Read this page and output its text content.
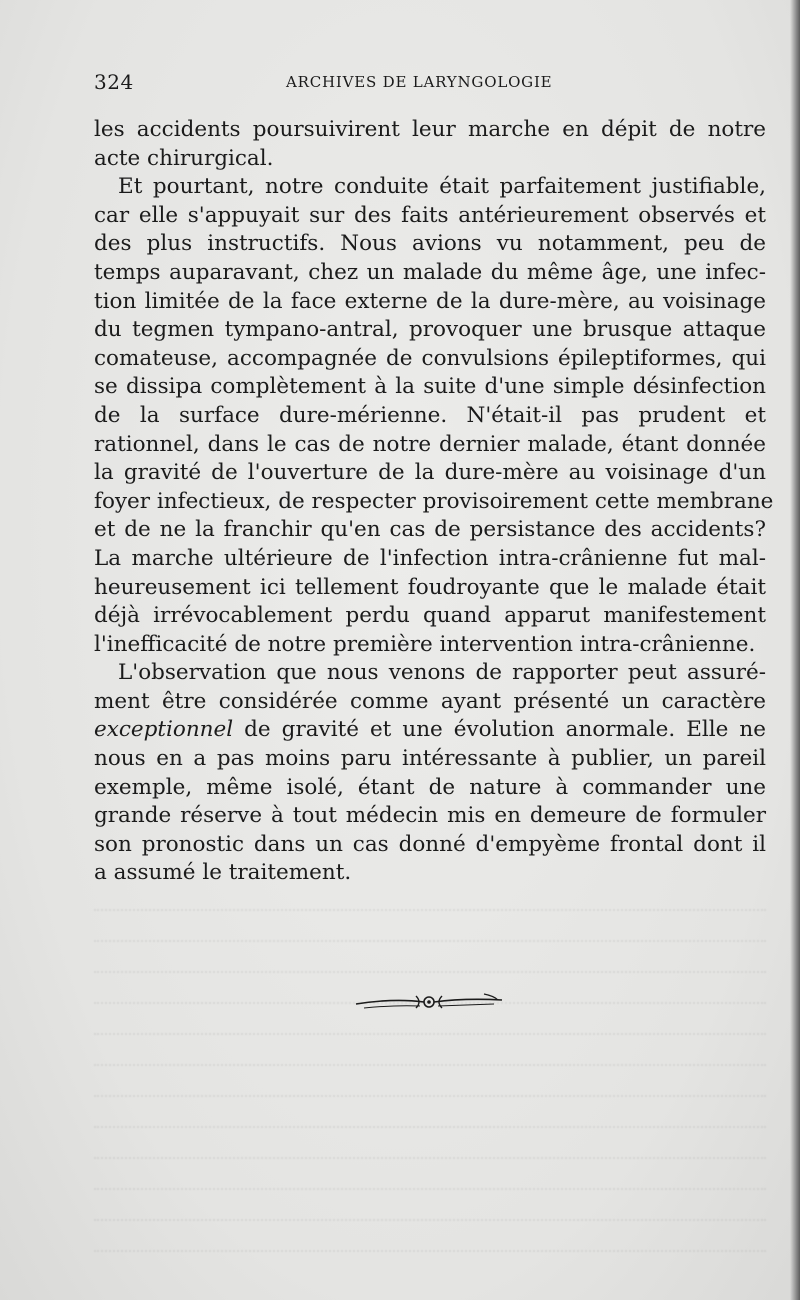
324	ARCHIVES DE LARYNGOLOGIE
les accidents poursuivirent leur marche en dépit de notre
acte chirurgical.
Et pourtant, notre conduite était parfaitement justifiable,
car elle s'appuyait sur des faits antérieurement observés et
des plus instructifs. Nous avions vu notamment, peu de
temps auparavant, chez un malade du même âge, une infec-
tion limitée de la face externe de la dure-mère, au voisinage
du tegmen tympano-antral, provoquer une brusque attaque
comateuse, accompagnée de convulsions épileptiformes, qui
se dissipa complètement à la suite d'une simple désinfection
de la surface dure-mérienne. N'était-il pas prudent et
rationnel, dans le cas de notre dernier malade, étant donnée
la gravité de l'ouverture de la dure-mère au voisinage d'un
foyer infectieux, de respecter provisoirement cette membrane
et de ne la franchir qu'en cas de persistance des accidents?
La marche ultérieure de l'infection intra-crânienne fut mal-
heureusement ici tellement foudroyante que le malade était
déjà irrévocablement perdu quand apparut manifestement
l'inefficacité de notre première intervention intra-crânienne.
L'observation que nous venons de rapporter peut assuré-
ment être considérée comme ayant présenté un caractère
exceptionnel de gravité et une évolution anormale. Elle ne
nous en a pas moins paru intéressante à publier, un pareil
exemple, même isolé, étant de nature à commander une
grande réserve à tout médecin mis en demeure de formuler
son pronostic dans un cas donné d'empyème frontal dont il
a assumé le traitement.
